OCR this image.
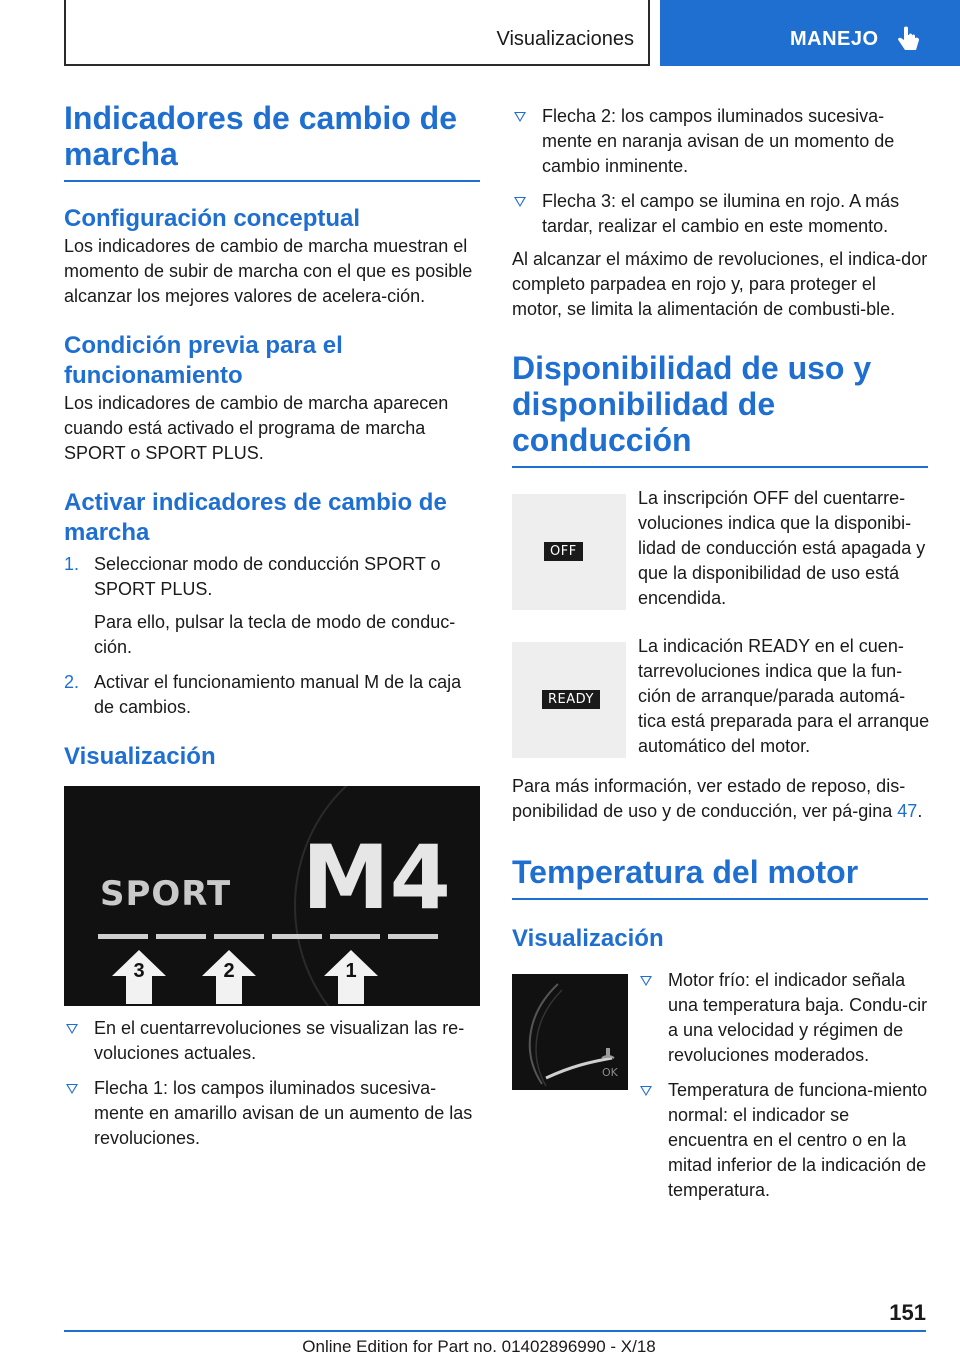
Visualizaciones	MANEJO
Indicadores de cambio de marcha
Configuración conceptual

Los indicadores de cambio de marcha muestran el momento de subir de marcha con el que es posible alcanzar los mejores valores de acelera-ción.

Condición previa para el funcionamiento

Los indicadores de cambio de marcha aparecen cuando está activado el programa de marcha SPORT o SPORT PLUS.

Activar indicadores de cambio de marcha
1. Seleccionar modo de conducción SPORT o SPORT PLUS.

Para ello, pulsar la tecla de modo de conduc-ción.

2. Activar el funcionamiento manual M de la caja de cambios.

Visualización
SPORT M4
3	2	1

En el cuentarrevoluciones se visualizan las re-voluciones actuales.

Flecha 1: los campos iluminados sucesiva-mente en amarillo avisan de un aumento de las revoluciones.

Flecha 2: los campos iluminados sucesiva-mente en naranja avisan de un momento de cambio inminente.

Flecha 3: el campo se ilumina en rojo. A más tardar, realizar el cambio en este momento.

Al alcanzar el máximo de revoluciones, el indica-dor completo parpadea en rojo y, para proteger el motor, se limita la alimentación de combusti-ble.

Disponibilidad de uso y disponibilidad de conducción
OFF

La inscripción OFF del cuentarre-voluciones indica que la disponibi-lidad de conducción está apagada y que la disponibilidad de uso está encendida.

READY

La indicación READY en el cuen-tarrevoluciones indica que la fun-ción de arranque/parada automá-tica está preparada para el arranque automático del motor.

Para más información, ver estado de reposo, dis-ponibilidad de uso y de conducción, ver pá-gina 47.

Temperatura del motor
Visualización
OK

Motor frío: el indicador señala una temperatura baja. Condu-cir a una velocidad y régimen de revoluciones moderados.

Temperatura de funciona-miento normal: el indicador se encuentra en el centro o en la mitad inferior de la indicación de temperatura.

151
Online Edition for Part no. 01402896990 - X/18
